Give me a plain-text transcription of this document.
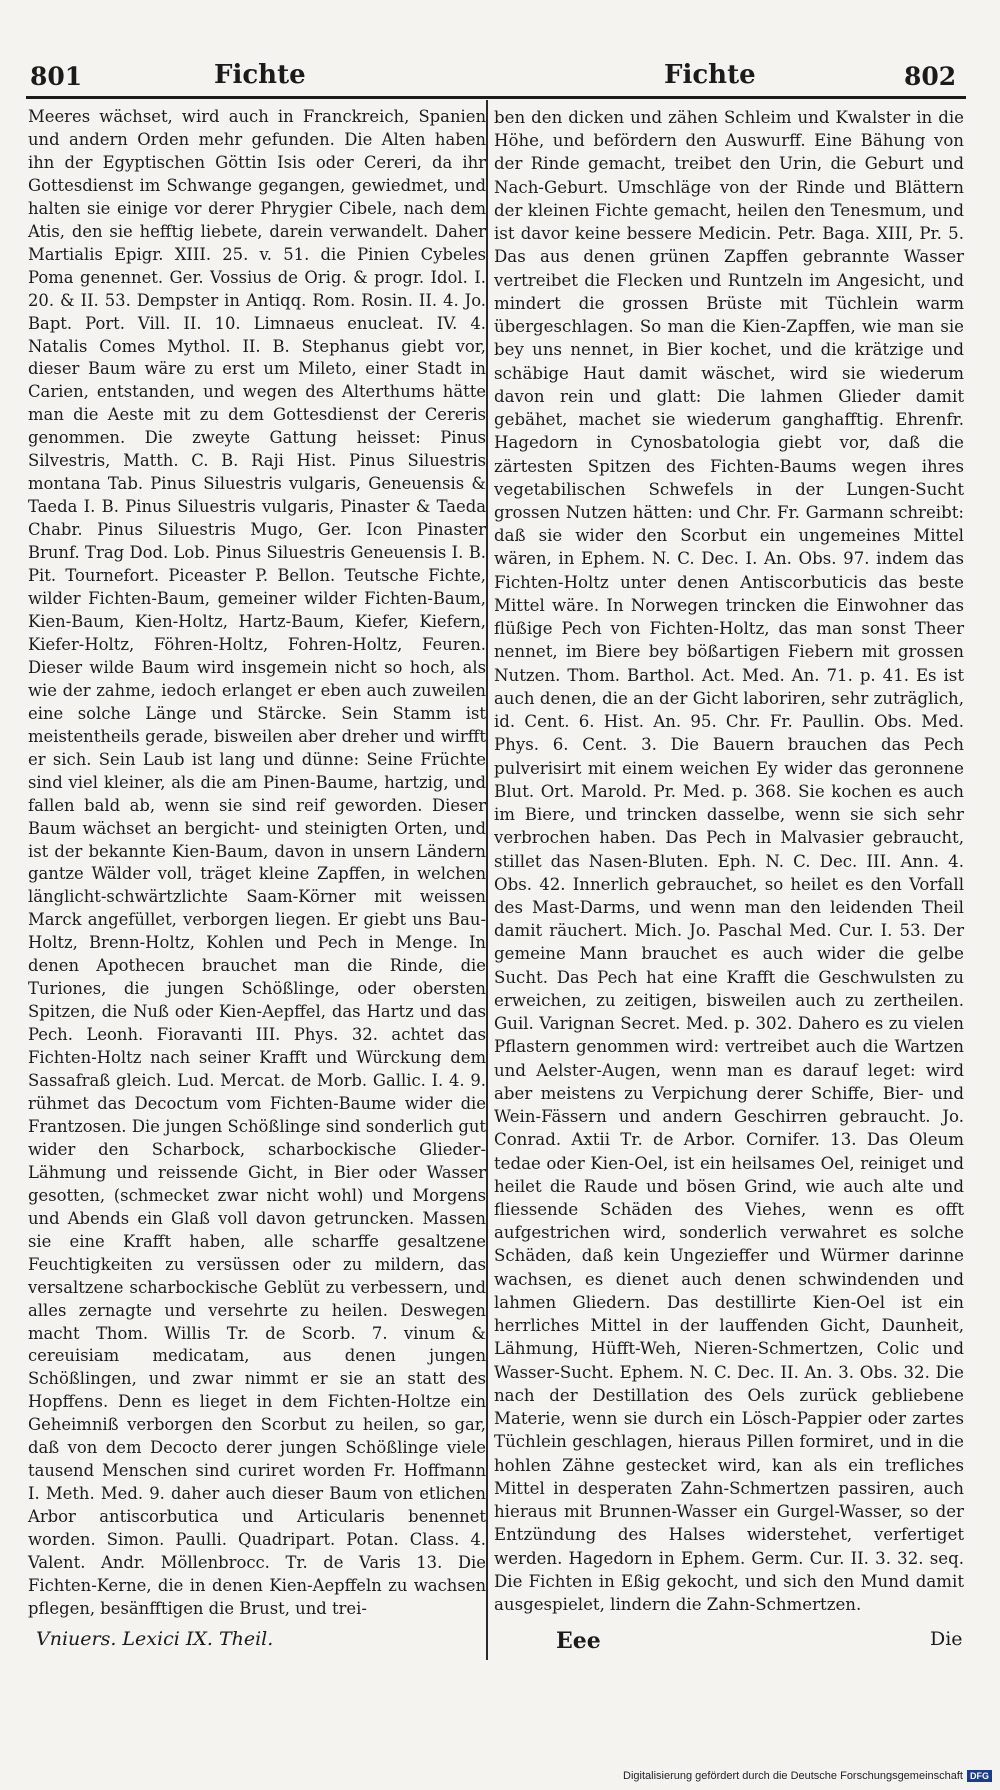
801	Fichte	Fichte	802

Meeres wächset, wird auch in Franckreich, Spanien und andern Orden mehr gefunden. Die Alten haben ihn der Egyptischen Göttin Isis oder Cereri, da ihr Gottesdienst im Schwange gegangen, gewiedmet, und halten sie einige vor derer Phrygier Cibele, nach dem Atis, den sie hefftig liebete, darein verwandelt. Daher Martialis Epigr. XIII. 25. v. 51. die Pinien Cybeles Poma genennet. Ger. Vossius de Orig. & progr. Idol. I. 20. & II. 53. Dempster in Antiqq. Rom. Rosin. II. 4. Jo. Bapt. Port. Vill. II. 10. Limnaeus enucleat. IV. 4. Natalis Comes Mythol. II. B. Stephanus giebt vor, dieser Baum wäre zu erst um Mileto, einer Stadt in Carien, entstanden, und wegen des Alterthums hätte man die Aeste mit zu dem Gottesdienst der Cereris genommen. Die zweyte Gattung heisset: Pinus Silvestris, Matth. C. B. Raji Hist. Pinus Siluestris montana Tab. Pinus Siluestris vulgaris, Geneuensis & Taeda I. B. Pinus Siluestris vulgaris, Pinaster & Taeda Chabr. Pinus Siluestris Mugo, Ger. Icon Pinaster Brunf. Trag Dod. Lob. Pinus Siluestris Geneuensis I. B. Pit. Tournefort. Piceaster P. Bellon. Teutsche Fichte, wilder Fichten-Baum, gemeiner wilder Fichten-Baum, Kien-Baum, Kien-Holtz, Hartz-Baum, Kiefer, Kiefern, Kiefer-Holtz, Föhren-Holtz, Fohren-Holtz, Feuren. Dieser wilde Baum wird insgemein nicht so hoch, als wie der zahme, iedoch erlanget er eben auch zuweilen eine solche Länge und Stärcke. Sein Stamm ist meistentheils gerade, bisweilen aber dreher und wirfft er sich. Sein Laub ist lang und dünne: Seine Früchte sind viel kleiner, als die am Pinen-Baume, hartzig, und fallen bald ab, wenn sie sind reif geworden. Dieser Baum wächset an bergicht- und steinigten Orten, und ist der bekannte Kien-Baum, davon in unsern Ländern gantze Wälder voll, träget kleine Zapffen, in welchen länglicht-schwärtzlichte Saam-Körner mit weissen Marck angefüllet, verborgen liegen. Er giebt uns Bau-Holtz, Brenn-Holtz, Kohlen und Pech in Menge. In denen Apothecen brauchet man die Rinde, die Turiones, die jungen Schößlinge, oder obersten Spitzen, die Nuß oder Kien-Aepffel, das Hartz und das Pech. Leonh. Fioravanti III. Phys. 32. achtet das Fichten-Holtz nach seiner Krafft und Würckung dem Sassafraß gleich. Lud. Mercat. de Morb. Gallic. I. 4. 9. rühmet das Decoctum vom Fichten-Baume wider die Frantzosen. Die jungen Schößlinge sind sonderlich gut wider den Scharbock, scharbockische Glieder-Lähmung und reissende Gicht, in Bier oder Wasser gesotten, (schmecket zwar nicht wohl) und Morgens und Abends ein Glaß voll davon getruncken. Massen sie eine Krafft haben, alle scharffe gesaltzene Feuchtigkeiten zu versüssen oder zu mildern, das versaltzene scharbockische Geblüt zu verbessern, und alles zernagte und versehrte zu heilen. Deswegen macht Thom. Willis Tr. de Scorb. 7. vinum & cereuisiam medicatam, aus denen jungen Schößlingen, und zwar nimmt er sie an statt des Hopffens. Denn es lieget in dem Fichten-Holtze ein Geheimniß verborgen den Scorbut zu heilen, so gar, daß von dem Decocto derer jungen Schößlinge viele tausend Menschen sind curiret worden Fr. Hoffmann I. Meth. Med. 9. daher auch dieser Baum von etlichen Arbor antiscorbutica und Articularis benennet worden. Simon. Paulli. Quadripart. Potan. Class. 4. Valent. Andr. Möllenbrocc. Tr. de Varis 13. Die Fichten-Kerne, die in denen Kien-Aepffeln zu wachsen pflegen, besänfftigen die Brust, und trei-

ben den dicken und zähen Schleim und Kwalster in die Höhe, und befördern den Auswurff. Eine Bähung von der Rinde gemacht, treibet den Urin, die Geburt und Nach-Geburt. Umschläge von der Rinde und Blättern der kleinen Fichte gemacht, heilen den Tenesmum, und ist davor keine bessere Medicin. Petr. Baga. XIII, Pr. 5. Das aus denen grünen Zapffen gebrannte Wasser vertreibet die Flecken und Runtzeln im Angesicht, und mindert die grossen Brüste mit Tüchlein warm übergeschlagen. So man die Kien-Zapffen, wie man sie bey uns nennet, in Bier kochet, und die krätzige und schäbige Haut damit wäschet, wird sie wiederum davon rein und glatt: Die lahmen Glieder damit gebähet, machet sie wiederum ganghafftig. Ehrenfr. Hagedorn in Cynosbatologia giebt vor, daß die zärtesten Spitzen des Fichten-Baums wegen ihres vegetabilischen Schwefels in der Lungen-Sucht grossen Nutzen hätten: und Chr. Fr. Garmann schreibt: daß sie wider den Scorbut ein ungemeines Mittel wären, in Ephem. N. C. Dec. I. An. Obs. 97. indem das Fichten-Holtz unter denen Antiscorbuticis das beste Mittel wäre. In Norwegen trincken die Einwohner das flüßige Pech von Fichten-Holtz, das man sonst Theer nennet, im Biere bey bößartigen Fiebern mit grossen Nutzen. Thom. Barthol. Act. Med. An. 71. p. 41. Es ist auch denen, die an der Gicht laboriren, sehr zuträglich, id. Cent. 6. Hist. An. 95. Chr. Fr. Paullin. Obs. Med. Phys. 6. Cent. 3. Die Bauern brauchen das Pech pulverisirt mit einem weichen Ey wider das geronnene Blut. Ort. Marold. Pr. Med. p. 368. Sie kochen es auch im Biere, und trincken dasselbe, wenn sie sich sehr verbrochen haben. Das Pech in Malvasier gebraucht, stillet das Nasen-Bluten. Eph. N. C. Dec. III. Ann. 4. Obs. 42. Innerlich gebrauchet, so heilet es den Vorfall des Mast-Darms, und wenn man den leidenden Theil damit räuchert. Mich. Jo. Paschal Med. Cur. I. 53. Der gemeine Mann brauchet es auch wider die gelbe Sucht. Das Pech hat eine Krafft die Geschwulsten zu erweichen, zu zeitigen, bisweilen auch zu zertheilen. Guil. Varignan Secret. Med. p. 302. Dahero es zu vielen Pflastern genommen wird: vertreibet auch die Wartzen und Aelster-Augen, wenn man es darauf leget: wird aber meistens zu Verpichung derer Schiffe, Bier- und Wein-Fässern und andern Geschirren gebraucht. Jo. Conrad. Axtii Tr. de Arbor. Cornifer. 13. Das Oleum tedae oder Kien-Oel, ist ein heilsames Oel, reiniget und heilet die Raude und bösen Grind, wie auch alte und fliessende Schäden des Viehes, wenn es offt aufgestrichen wird, sonderlich verwahret es solche Schäden, daß kein Ungezieffer und Würmer darinne wachsen, es dienet auch denen schwindenden und lahmen Gliedern. Das destillirte Kien-Oel ist ein herrliches Mittel in der lauffenden Gicht, Daunheit, Lähmung, Hüfft-Weh, Nieren-Schmertzen, Colic und Wasser-Sucht. Ephem. N. C. Dec. II. An. 3. Obs. 32. Die nach der Destillation des Oels zurück gebliebene Materie, wenn sie durch ein Lösch-Pappier oder zartes Tüchlein geschlagen, hieraus Pillen formiret, und in die hohlen Zähne gestecket wird, kan als ein trefliches Mittel in desperaten Zahn-Schmertzen passiren, auch hieraus mit Brunnen-Wasser ein Gurgel-Wasser, so der Entzündung des Halses widerstehet, verfertiget werden. Hagedorn in Ephem. Germ. Cur. II. 3. 32. seq. Die Fichten in Eßig gekocht, und sich den Mund damit ausgespielet, lindern die Zahn-Schmertzen.

Vniuers. Lexici IX. Theil.	Eee	Die
Digitalisierung gefördert durch die Deutsche Forschungsgemeinschaft DFG
